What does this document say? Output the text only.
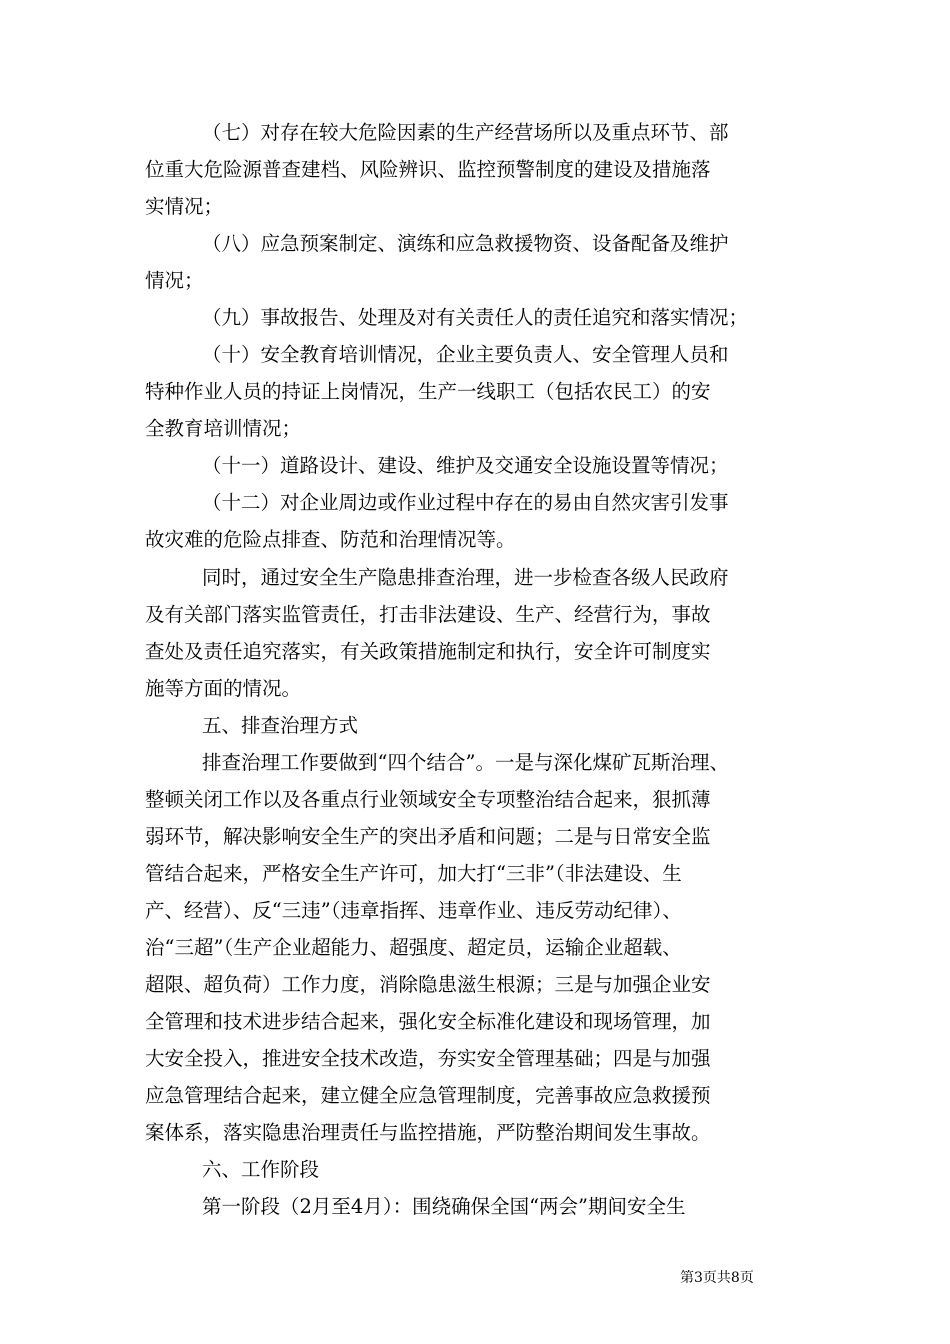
（七）对存在较大危险因素的生产经营场所以及重点环节、部
位重大危险源普查建档、风险辨识、监控预警制度的建设及措施落
实情况；
（八）应急预案制定、演练和应急救援物资、设备配备及维护
情况；
（九）事故报告、处理及对有关责任人的责任追究和落实情况；
（十）安全教育培训情况，企业主要负责人、安全管理人员和
特种作业人员的持证上岗情况，生产一线职工（包括农民工）的安
全教育培训情况；
（十一）道路设计、建设、维护及交通安全设施设置等情况；
（十二）对企业周边或作业过程中存在的易由自然灾害引发事
故灾难的危险点排查、防范和治理情况等。
同时，通过安全生产隐患排查治理，进一步检查各级人民政府
及有关部门落实监管责任，打击非法建设、生产、经营行为，事故
查处及责任追究落实，有关政策措施制定和执行，安全许可制度实
施等方面的情况。
五、排查治理方式
排查治理工作要做到“四个结合”。一是与深化煤矿瓦斯治理、
整顿关闭工作以及各重点行业领域安全专项整治结合起来，狠抓薄
弱环节，解决影响安全生产的突出矛盾和问题；二是与日常安全监
管结合起来，严格安全生产许可，加大打“三非”（非法建设、生
产、经营）、反“三违”（违章指挥、违章作业、违反劳动纪律）、
治“三超”（生产企业超能力、超强度、超定员，运输企业超载、
超限、超负荷）工作力度，消除隐患滋生根源；三是与加强企业安
全管理和技术进步结合起来，强化安全标准化建设和现场管理，加
大安全投入，推进安全技术改造，夯实安全管理基础；四是与加强
应急管理结合起来，建立健全应急管理制度，完善事故应急救援预
案体系，落实隐患治理责任与监控措施，严防整治期间发生事故。
六、工作阶段
第一阶段（2月至4月）：围绕确保全国“两会”期间安全生
第3页共8页
